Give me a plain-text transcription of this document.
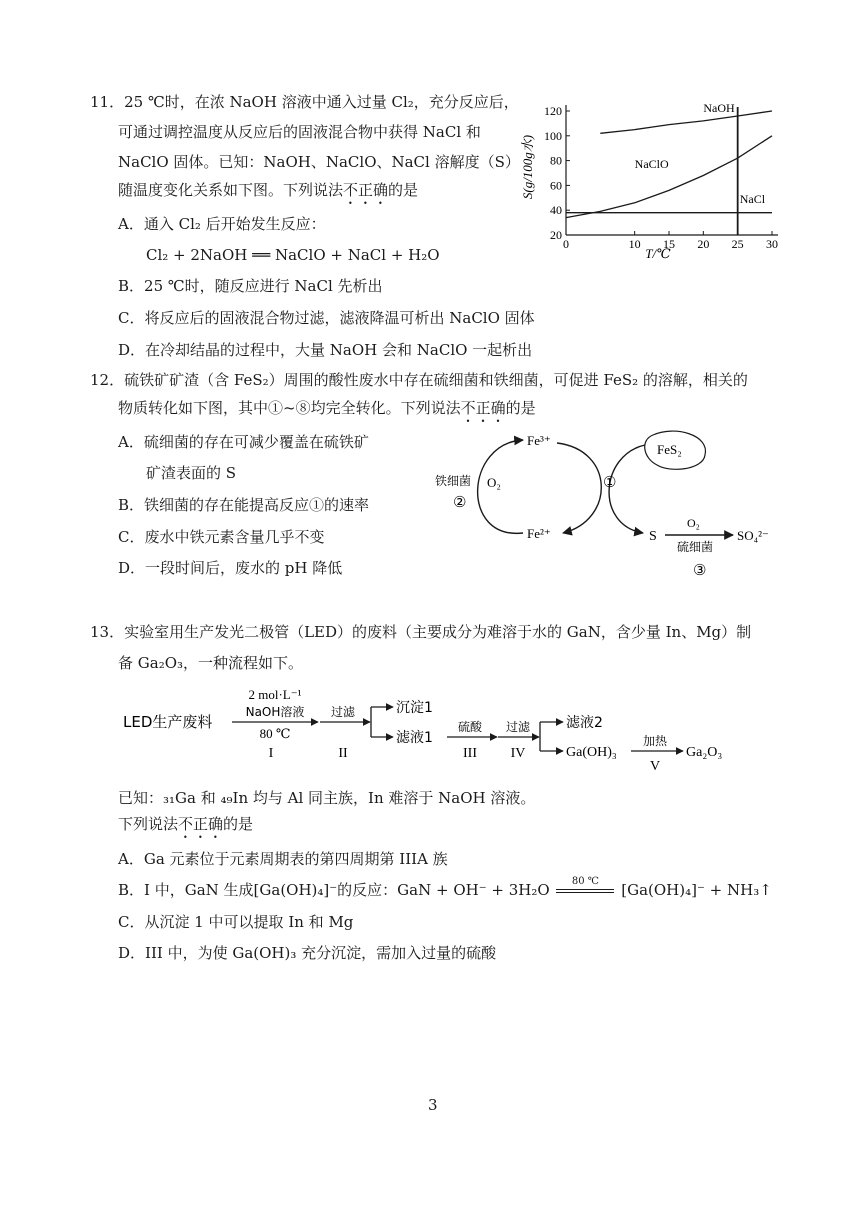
11．25 ℃时，在浓 NaOH 溶液中通入过量 Cl₂，充分反应后，
可通过调控温度从反应后的固液混合物中获得 NaCl 和
NaClO 固体。已知：NaOH、NaClO、NaCl 溶解度（S）
随温度变化关系如下图。下列说法不正确的是
A．通入 Cl₂ 后开始发生反应：
Cl₂ + 2NaOH ══ NaClO + NaCl + H₂O
B．25 ℃时，随反应进行 NaCl 先析出
C．将反应后的固液混合物过滤，滤液降温可析出 NaClO 固体
D．在冷却结晶的过程中，大量 NaOH 会和 NaClO 一起析出
S(g/100g水)
T/℃
0	10 15 20 25 30
20
40
60
80
100
120	NaOH
NaClO
NaCl
12．硫铁矿矿渣（含 FeS₂）周围的酸性废水中存在硫细菌和铁细菌，可促进 FeS₂ 的溶解，相关的
物质转化如下图，其中①~⑧均完全转化。下列说法不正确的是
A．硫细菌的存在可减少覆盖在硫铁矿
矿渣表面的 S
B．铁细菌的存在能提高反应①的速率
C．废水中铁元素含量几乎不变
D．一段时间后，废水的 pH 降低
Fe³⁺
Fe²⁺
FeS₂
铁细菌 O₂
②
①
S
O₂
硫细菌
SO₄²⁻
③
13．实验室用生产发光二极管（LED）的废料（主要成分为难溶于水的 GaN，含少量 In、Mg）制
备 Ga₂O₃，一种流程如下。
LED生产废料
2 mol·L⁻¹
NaOH溶液
80 ℃
I
过滤
II
沉淀1
滤液1
硫酸
III
过滤
IV
滤液2
Ga(OH)₃
加热
V
Ga₂O₃
已知：₃₁Ga 和 ₄₉In 均与 Al 同主族，In 难溶于 NaOH 溶液。
下列说法不正确的是
A．Ga 元素位于元素周期表的第四周期第 IIIA 族
B．I 中，GaN 生成[Ga(OH)₄]⁻的反应：GaN + OH⁻ + 3H₂O	80 ℃	[Ga(OH)₄]⁻ + NH₃↑
C．从沉淀 1 中可以提取 In 和 Mg
D．III 中，为使 Ga(OH)₃ 充分沉淀，需加入过量的硫酸
3
